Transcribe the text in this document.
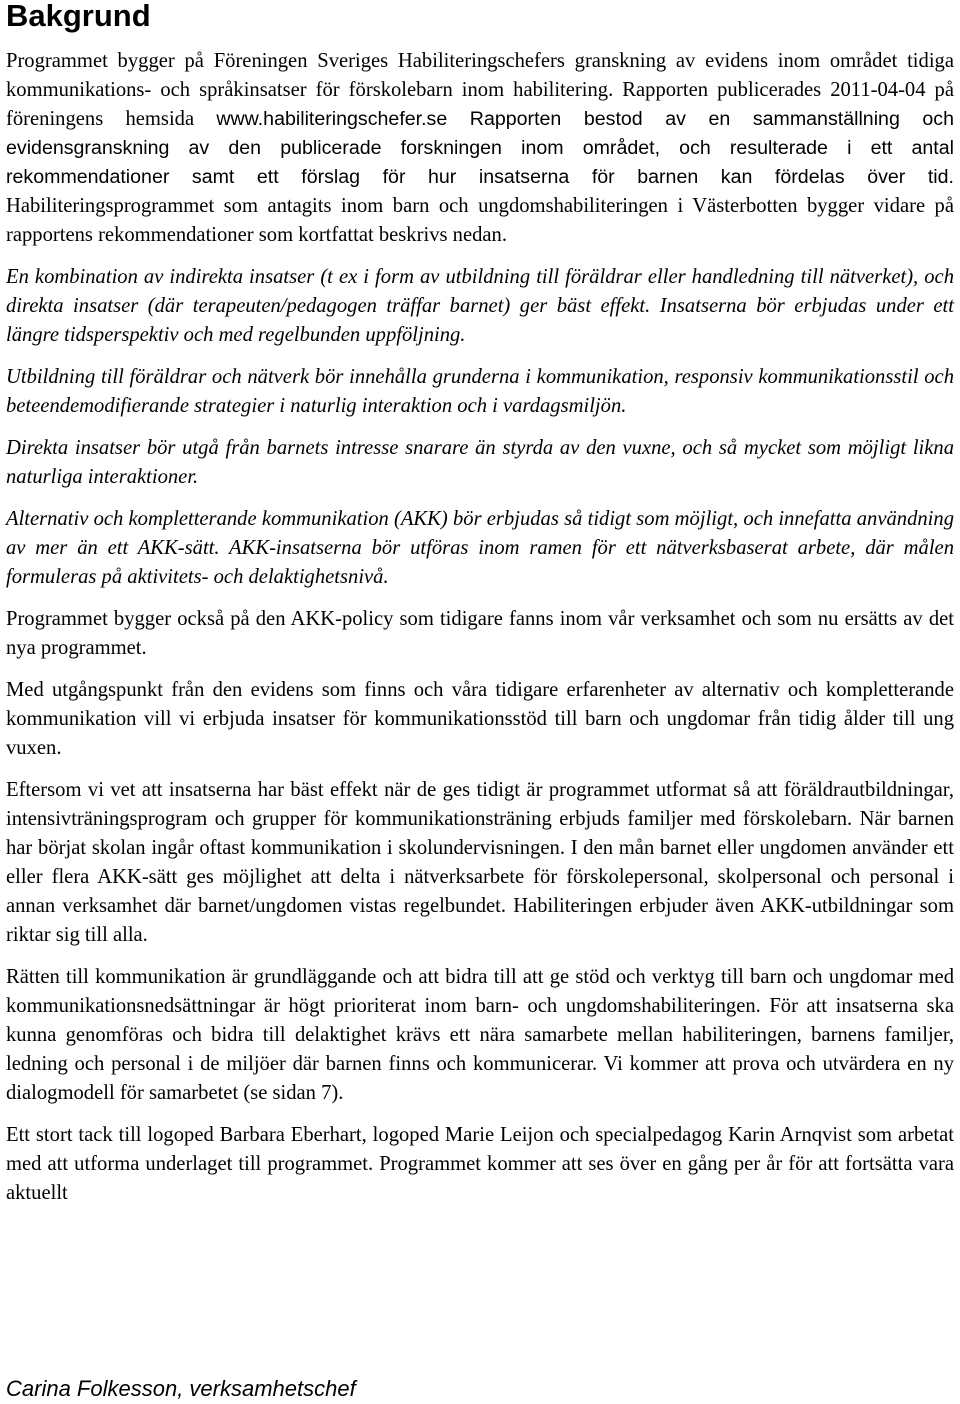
Bakgrund

Programmet bygger på Föreningen Sveriges Habiliteringschefers granskning av evidens inom området tidiga kommunikations- och språkinsatser för förskolebarn inom habilitering. Rapporten publicerades 2011-04-04 på föreningens hemsida www.habiliteringschefer.se Rapporten bestod av en sammanställning och evidensgranskning av den publicerade forskningen inom området, och resulterade i ett antal rekommendationer samt ett förslag för hur insatserna för barnen kan fördelas över tid. Habiliteringsprogrammet som antagits inom barn och ungdomshabiliteringen i Västerbotten bygger vidare på rapportens rekommendationer som kortfattat beskrivs nedan.

En kombination av indirekta insatser (t ex i form av utbildning till föräldrar eller handledning till nätverket), och direkta insatser (där terapeuten/pedagogen träffar barnet) ger bäst effekt. Insatserna bör erbjudas under ett längre tidsperspektiv och med regelbunden uppföljning.

Utbildning till föräldrar och nätverk bör innehålla grunderna i kommunikation, responsiv kommunikationsstil och beteendemodifierande strategier i naturlig interaktion och i vardagsmiljön.

Direkta insatser bör utgå från barnets intresse snarare än styrda av den vuxne, och så mycket som möjligt likna naturliga interaktioner.

Alternativ och kompletterande kommunikation (AKK) bör erbjudas så tidigt som möjligt, och innefatta användning av mer än ett AKK-sätt. AKK-insatserna bör utföras inom ramen för ett nätverksbaserat arbete, där målen formuleras på aktivitets- och delaktighetsnivå.

Programmet bygger också på den AKK-policy som tidigare fanns inom vår verksamhet och som nu ersätts av det nya programmet.

Med utgångspunkt från den evidens som finns och våra tidigare erfarenheter av alternativ och kompletterande kommunikation vill vi erbjuda insatser för kommunikationsstöd till barn och ungdomar från tidig ålder till ung vuxen.

Eftersom vi vet att insatserna har bäst effekt när de ges tidigt är programmet utformat så att föräldrautbildningar, intensivträningsprogram och grupper för kommunikationsträning erbjuds familjer med förskolebarn. När barnen har börjat skolan ingår oftast kommunikation i skolundervisningen. I den mån barnet eller ungdomen använder ett eller flera AKK-sätt ges möjlighet att delta i nätverksarbete för förskolepersonal, skolpersonal och personal i annan verksamhet där barnet/ungdomen vistas regelbundet. Habiliteringen erbjuder även AKK-utbildningar som riktar sig till alla.

Rätten till kommunikation är grundläggande och att bidra till att ge stöd och verktyg till barn och ungdomar med kommunikationsnedsättningar är högt prioriterat inom barn- och ungdomshabiliteringen. För att insatserna ska kunna genomföras och bidra till delaktighet krävs ett nära samarbete mellan habiliteringen, barnens familjer, ledning och personal i de miljöer där barnen finns och kommunicerar. Vi kommer att prova och utvärdera en ny dialogmodell för samarbetet (se sidan 7).

Ett stort tack till logoped Barbara Eberhart, logoped Marie Leijon och specialpedagog Karin Arnqvist som arbetat med att utforma underlaget till programmet. Programmet kommer att ses över en gång per år för att fortsätta vara aktuellt

Carina Folkesson, verksamhetschef
